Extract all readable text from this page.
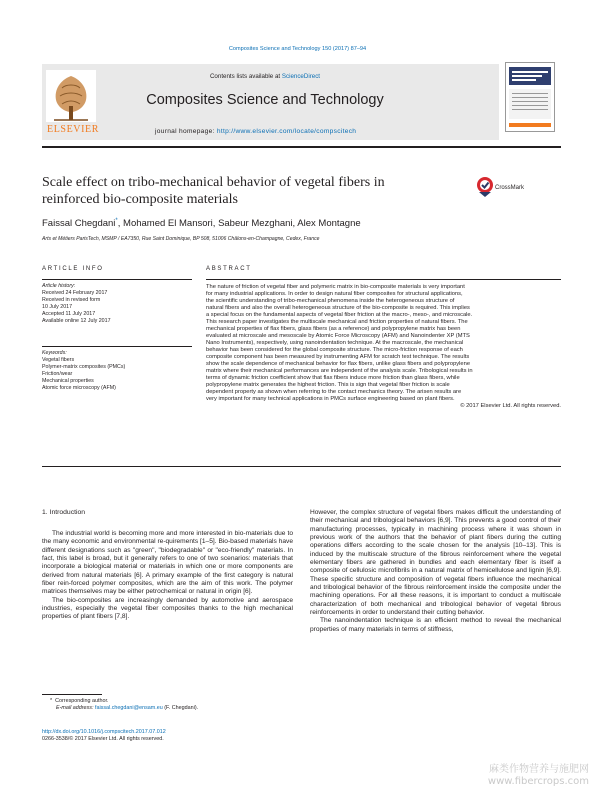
Composites Science and Technology 150 (2017) 87–94
ELSEVIER
Contents lists available at ScienceDirect
Composites Science and Technology
journal homepage: http://www.elsevier.com/locate/compscitech
Scale effect on tribo-mechanical behavior of vegetal fibers in
reinforced bio-composite materials
CrossMark
Faissal Chegdani*, Mohamed El Mansori, Sabeur Mezghani, Alex Montagne
Arts et Métiers ParisTech, MSMP / EA7350, Rue Saint Dominique, BP 508, 51006 Châlons-en-Champagne, Cedex, France
ARTICLE INFO
Article history:
Received 24 February 2017
Received in revised form
10 July 2017
Accepted 11 July 2017
Available online 12 July 2017
Keywords:
Vegetal fibers
Polymer-matrix composites (PMCs)
Friction/wear
Mechanical properties
Atomic force microscopy (AFM)
ABSTRACT
The nature of friction of vegetal fiber and polymeric matrix in bio-composite materials is very important
for many industrial applications. In order to design natural fiber composites for structural applications,
the scientific understanding of tribo-mechanical phenomena inside the heterogeneous structure of
natural fibers and also the overall heterogeneous structure of the bio-composite is required. This implies
a special focus on the fundamental aspects of vegetal fiber friction at the macro-, meso-, and microscale.
This research paper investigates the multiscale mechanical and friction properties of natural fibers. The
mechanical properties of flax fibers, glass fibers (as a reference) and polypropylene matrix has been
evaluated at microscale and mesoscale by Atomic Force Microscopy (AFM) and Nanoindenter XP (MTS
Nano Instruments), respectively, using nanoindentation technique. At the macroscale, the mechanical
behavior has been considered for the global composite structure. The micro-friction response of each
composite component has been measured by instrumenting AFM for scratch test technique. The results
show the scale dependence of mechanical behavior for flax fibers, unlike glass fibers and polypropylene
matrix where their mechanical performances are independent of the analysis scale. Tribological results in
terms of dynamic friction coefficient show that flax fibers induce more friction than glass fibers, while
polypropylene matrix generates the highest friction. This is sign that vegetal fiber friction is scale
dependent property as shown when referring to the contact mechanics theory. The arisen results are
very important for many technical applications in PMCs surface engineering based on plant fibers.
© 2017 Elsevier Ltd. All rights reserved.
1. Introduction

The industrial world is becoming more and more interested in bio-materials due to the many economic and environmental re-quirements [1–5]. Bio-based materials have different designations such as "green", "biodegradable" or "eco-friendly" materials. In fact, this label is broad, but it generally refers to one of two scenarios: materials that incorporate a biological material or materials in which one or more components are derived from natural materials [6]. A primary example of the first category is natural fiber rein-forced polymer composites, which are the aim of this work. The polymer matrices themselves may be either petrochemical or natural in origin [6].

The bio-composites are increasingly demanded by automotive and aerospace industries, especially the vegetal fiber composites thanks to the high mechanical properties of plant fibers [7,8].

However, the complex structure of vegetal fibers makes difficult the understanding of their mechanical and tribological behaviors [6,9]. This prevents a good control of their manufacturing processes, typically in machining process where it was shown in previous work of the authors that the behavior of plant fibers during the cutting operations differs according to the scale chosen for the analysis [10–13]. This is induced by the multiscale structure of the fibrous reinforcement where the vegetal elementary fibers are gathered in bundles and each elementary fiber is itself a composite of cellulosic microfibrils in a natural matrix of hemicellulose and lignin [6,9]. These specific structure and composition of vegetal fibers influence the mechanical and tribological behavior of the fibrous reinforcement inside the composite under the machining operations. For all these reasons, it is important to conduct a multiscale characterization of both mechanical and tribological behavior of vegetal fibrous reinforcements in order to understand their cutting behavior.

The nanoindentation technique is an efficient method to reveal the mechanical properties of many materials in terms of stiffness,

* Corresponding author.
E-mail address: faissal.chegdani@ensam.eu (F. Chegdani).
http://dx.doi.org/10.1016/j.compscitech.2017.07.012
0266-3538/© 2017 Elsevier Ltd. All rights reserved.
麻类作物营养与施肥网
www.fibercrops.com
